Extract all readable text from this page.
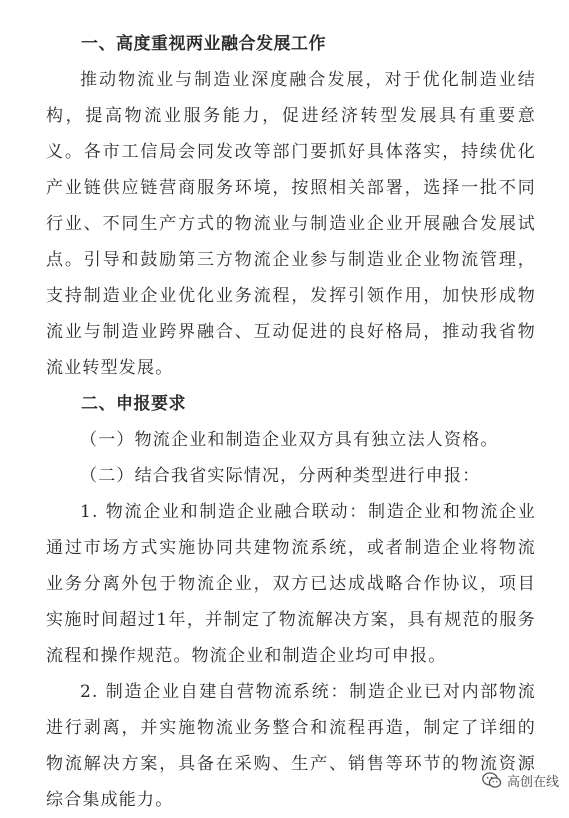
一、高度重视两业融合发展工作

推动物流业与制造业深度融合发展，对于优化制造业结构，提高物流业服务能力，促进经济转型发展具有重要意义。各市工信局会同发改等部门要抓好具体落实，持续优化产业链供应链营商服务环境，按照相关部署，选择一批不同行业、不同生产方式的物流业与制造业企业开展融合发展试点。引导和鼓励第三方物流企业参与制造业企业物流管理，支持制造业企业优化业务流程，发挥引领作用，加快形成物流业与制造业跨界融合、互动促进的良好格局，推动我省物流业转型发展。

二、申报要求

（一）物流企业和制造企业双方具有独立法人资格。

（二）结合我省实际情况，分两种类型进行申报：

1. 物流企业和制造企业融合联动：制造企业和物流企业通过市场方式实施协同共建物流系统，或者制造企业将物流业务分离外包于物流企业，双方已达成战略合作协议，项目实施时间超过1年，并制定了物流解决方案，具有规范的服务流程和操作规范。物流企业和制造企业均可申报。

2. 制造企业自建自营物流系统：制造企业已对内部物流进行剥离，并实施物流业务整合和流程再造，制定了详细的物流解决方案，具备在采购、生产、销售等环节的物流资源综合集成能力。

高创在线
